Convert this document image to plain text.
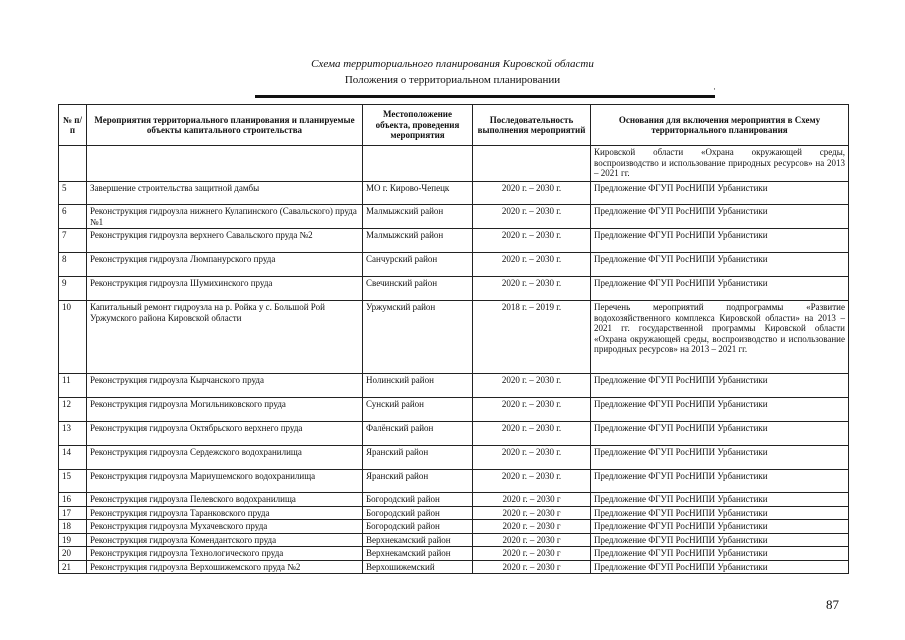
Схема территориального планирования Кировской области
Положения о территориальном планировании
·
№ п/п	Мероприятия территориального планирования и планируемые объекты капитального строительства	Местоположение объекта, проведения мероприятия	Последовательность выполнения мероприятий	Основания для включения мероприятия в Схему территориального планирования
				Кировской области «Охрана окружающей среды, воспроизводство и использование природных ресурсов» на 2013 – 2021 гг.
5	Завершение строительства защитной дамбы	МО г. Кирово-Чепецк	2020 г. – 2030 г.	Предложение ФГУП РосНИПИ Урбанистики
6	Реконструкция гидроузла нижнего Кулапинского (Савальского) пруда №1	Малмыжский район	2020 г. – 2030 г.	Предложение ФГУП РосНИПИ Урбанистики
7	Реконструкция гидроузла верхнего Савальского пруда №2	Малмыжский район	2020 г. – 2030 г.	Предложение ФГУП РосНИПИ Урбанистики
8	Реконструкция гидроузла Люмпанурского пруда	Санчурский район	2020 г. – 2030 г.	Предложение ФГУП РосНИПИ Урбанистики
9	Реконструкция гидроузла Шумихинского пруда	Свечинский район	2020 г. – 2030 г.	Предложение ФГУП РосНИПИ Урбанистики
10	Капитальный ремонт гидроузла на р. Ройка у с. Большой Рой Уржумского района Кировской области	Уржумский район	2018 г. – 2019 г.	Перечень мероприятий подпрограммы «Развитие водохозяйственного комплекса Кировской области» на 2013 – 2021 гг. государственной программы Кировской области «Охрана окружающей среды, воспроизводство и использование природных ресурсов» на 2013 – 2021 гг.
11	Реконструкция гидроузла Кырчанского пруда	Нолинский район	2020 г. – 2030 г.	Предложение ФГУП РосНИПИ Урбанистики
12	Реконструкция гидроузла Могильниковского пруда	Сунский район	2020 г. – 2030 г.	Предложение ФГУП РосНИПИ Урбанистики
13	Реконструкция гидроузла Октябрьского верхнего пруда	Фалёнский район	2020 г. – 2030 г.	Предложение ФГУП РосНИПИ Урбанистики
14	Реконструкция гидроузла Сердежского водохранилища	Яранский район	2020 г. – 2030 г.	Предложение ФГУП РосНИПИ Урбанистики
15	Реконструкция гидроузла Мариушемского водохранилища	Яранский район	2020 г. – 2030 г.	Предложение ФГУП РосНИПИ Урбанистики
16	Реконструкция гидроузла Пелевского водохранилища	Богородский район	2020 г. – 2030 г	Предложение ФГУП РосНИПИ Урбанистики
17	Реконструкция гидроузла Таранковского пруда	Богородский район	2020 г. – 2030 г	Предложение ФГУП РосНИПИ Урбанистики
18	Реконструкция гидроузла Мухачевского пруда	Богородский район	2020 г. – 2030 г	Предложение ФГУП РосНИПИ Урбанистики
19	Реконструкция гидроузла Комендантского пруда	Верхнекамский район	2020 г. – 2030 г	Предложение ФГУП РосНИПИ Урбанистики
20	Реконструкция гидроузла Технологического пруда	Верхнекамский район	2020 г. – 2030 г	Предложение ФГУП РосНИПИ Урбанистики
21	Реконструкция гидроузла Верхошижемского пруда №2	Верхошижемский	2020 г. – 2030 г	Предложение ФГУП РосНИПИ Урбанистики
87
